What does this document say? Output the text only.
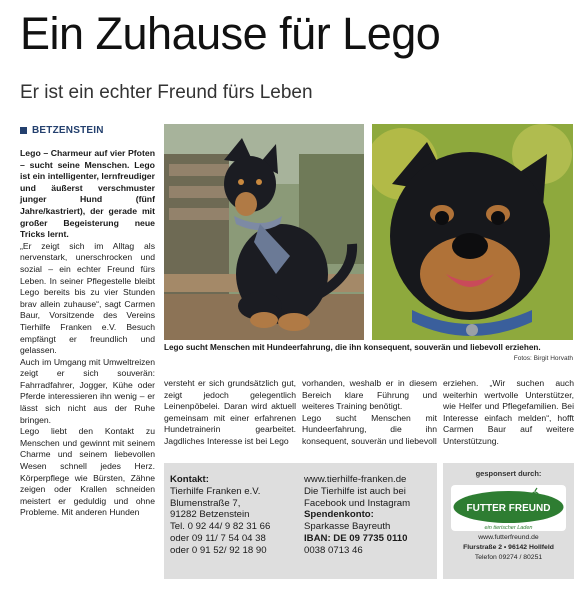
Ein Zuhause für Lego
Er ist ein echter Freund fürs Leben
BETZENSTEIN

Lego – Charmeur auf vier Pfoten – sucht seine Menschen. Lego ist ein intelligenter, lernfreudiger und äußerst verschmuster junger Hund (fünf Jahre/kastriert), der gerade mit großer Begeisterung neue Tricks lernt.

„Er zeigt sich im Alltag als nervenstark, unerschrocken und sozial – ein echter Freund fürs Leben. In seiner Pflegestelle bleibt Lego bereits bis zu vier Stunden brav allein zuhause“, sagt Carmen Baur, Vorsitzende des Vereins Tierhilfe Franken e.V. Besuch empfängt er freundlich und gelassen.

Auch im Umgang mit Umweltreizen zeigt er sich souverän: Fahrradfahrer, Jogger, Kühe oder Pferde interessieren ihn wenig – er lässt sich nicht aus der Ruhe bringen.

Lego liebt den Kontakt zu Menschen und gewinnt mit seinem Charme und seinem liebevollen Wesen schnell jedes Herz. Körperpflege wie Bürsten, Zähne zeigen oder Krallen schneiden meistert er geduldig und ohne Probleme. Mit anderen Hunden

Lego sucht Menschen mit Hundeerfahrung, die ihn konsequent, souverän und liebevoll erziehen.
Fotos: Birgit Horvath
versteht er sich grundsätzlich gut, zeigt jedoch gelegentlich Leinenpöbelei. Daran wird aktuell gemeinsam mit einer erfahrenen Hundetrainerin gearbeitet. Jagdliches Interesse ist bei Lego

vorhanden, weshalb er in diesem Bereich klare Führung und weiteres Training benötigt.

Lego sucht Menschen mit Hundeerfahrung, die ihn konsequent, souverän und liebevoll

erziehen. „Wir suchen auch weiterhin wertvolle Unterstützer, wie Helfer und Pflegefamilien. Bei Interesse einfach melden“, hofft Carmen Baur auf weitere Unterstützung.
Kontakt:
Tierhilfe Franken e.V.
Blumenstraße 7,
91282 Betzenstein
Tel. 0 92 44/ 9 82 31 66
oder 09 11/ 7 54 04 38
oder 0 91 52/ 92 18 90
www.tierhilfe-franken.de
Die Tierhilfe ist auch bei
Facebook und Instagram
Spendenkonto:
Sparkasse Bayreuth
IBAN: DE 09 7735 0110
0038 0713 46
gesponsert durch:
FUTTER FREUND
ein tierischer Laden
www.futterfreund.de
Flurstraße 2 • 96142 Hollfeld
Telefon 09274 / 80251
